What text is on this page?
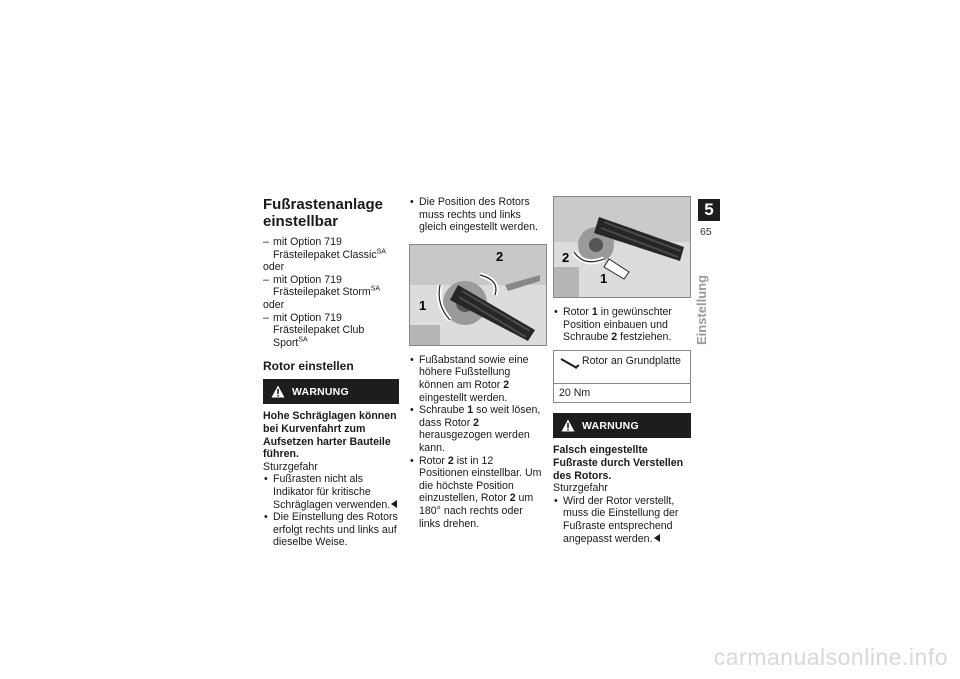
Fußrastenanlage einstellbar
– mit Option 719 Frästeilepaket Classic$^{SA}$
oder
– mit Option 719 Frästeilepaket Storm$^{SA}$
oder
– mit Option 719 Frästeilepaket Club Sport$^{SA}$
Rotor einstellen
WARNUNG
Hohe Schräglagen können bei Kurvenfahrt zum Aufsetzen harter Bauteile führen.
Sturzgefahr
• Fußrasten nicht als Indikator für kritische Schräglagen verwenden.
• Die Einstellung des Rotors erfolgt rechts und links auf dieselbe Weise.
• Die Position des Rotors muss rechts und links gleich eingestellt werden.
2
1
• Fußabstand sowie eine höhere Fußstellung können am Rotor 2 eingestellt werden.
• Schraube 1 so weit lösen, dass Rotor 2 herausgezogen werden kann.
• Rotor 2 ist in 12 Positionen einstellbar. Um die höchste Position einzustellen, Rotor 2 um 180° nach rechts oder links drehen.
2
1
• Rotor 1 in gewünschter Position einbauen und Schraube 2 festziehen.
Rotor an Grundplatte
20 Nm
WARNUNG
Falsch eingestellte Fußraste durch Verstellen des Rotors.
Sturzgefahr
• Wird der Rotor verstellt, muss die Einstellung der Fußraste entsprechend angepasst werden.
5
65
Einstellung
carmanualsonline.info
